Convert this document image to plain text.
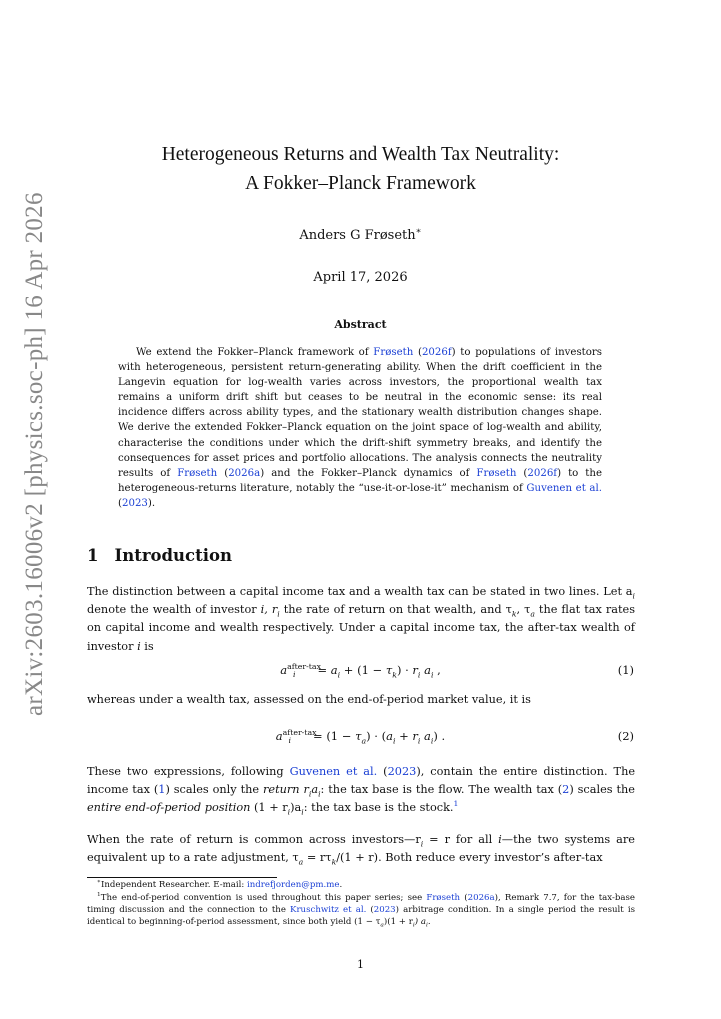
arXiv:2603.16006v2 [physics.soc-ph] 16 Apr 2026
Heterogeneous Returns and Wealth Tax Neutrality:
A Fokker–Planck Framework
Anders G Frøseth∗
April 17, 2026
Abstract
We extend the Fokker–Planck framework of Frøseth (2026f) to populations of investors with heterogeneous, persistent return-generating ability. When the drift coefficient in the Langevin equation for log-wealth varies across investors, the proportional wealth tax remains a uniform drift shift but ceases to be neutral in the economic sense: its real incidence differs across ability types, and the stationary wealth distribution changes shape. We derive the extended Fokker–Planck equation on the joint space of log-wealth and ability, characterise the conditions under which the drift-shift symmetry breaks, and identify the consequences for asset prices and portfolio allocations. The analysis connects the neutrality results of Frøseth (2026a) and the Fokker–Planck dynamics of Frøseth (2026f) to the heterogeneous-returns literature, notably the “use-it-or-lose-it” mechanism of Guvenen et al. (2023).
1 Introduction
The distinction between a capital income tax and a wealth tax can be stated in two lines. Let $a_i$ denote the wealth of investor i, $r_i$ the rate of return on that wealth, and $\tau_k$, $\tau_a$ the flat tax rates on capital income and wealth respectively. Under a capital income tax, the after-tax wealth of investor i is
$a^{after-tax}_i = a_i + (1 - \tau_k) \cdot r_i$ $a_i$ ,	(1)
whereas under a wealth tax, assessed on the end-of-period market value, it is
$a^{after-tax}_i = (1 - \tau_a) \cdot (a_i + r_i$ $a_i$) .	(2)
These two expressions, following Guvenen et al. (2023), contain the entire distinction. The income tax (1) scales only the return $r_ia_i$: the tax base is the flow. The wealth tax (2) scales the entire end-of-period position $(1 + r_i)a_i$: the tax base is the stock.$^1$
When the rate of return is common across $investors—r_i = r$ for all i—the two systems are equivalent up to a rate adjustment, $\tau_a = r\tau_k/(1 + r)$. Both reduce every investor’s after-tax
∗Independent Researcher. E-mail: indrefjorden@pm.me.
$^1$The end-of-period convention is used throughout this paper series; see Frøseth (2026a), Remark 7.7, for the tax-base timing discussion and the connection to the Kruschwitz et al. (2023) arbitrage condition. In a single period the result is identical to beginning-of-period assessment, since both yield $(1 - \tau_a)(1 + r_i)$ $a_i$.
1
